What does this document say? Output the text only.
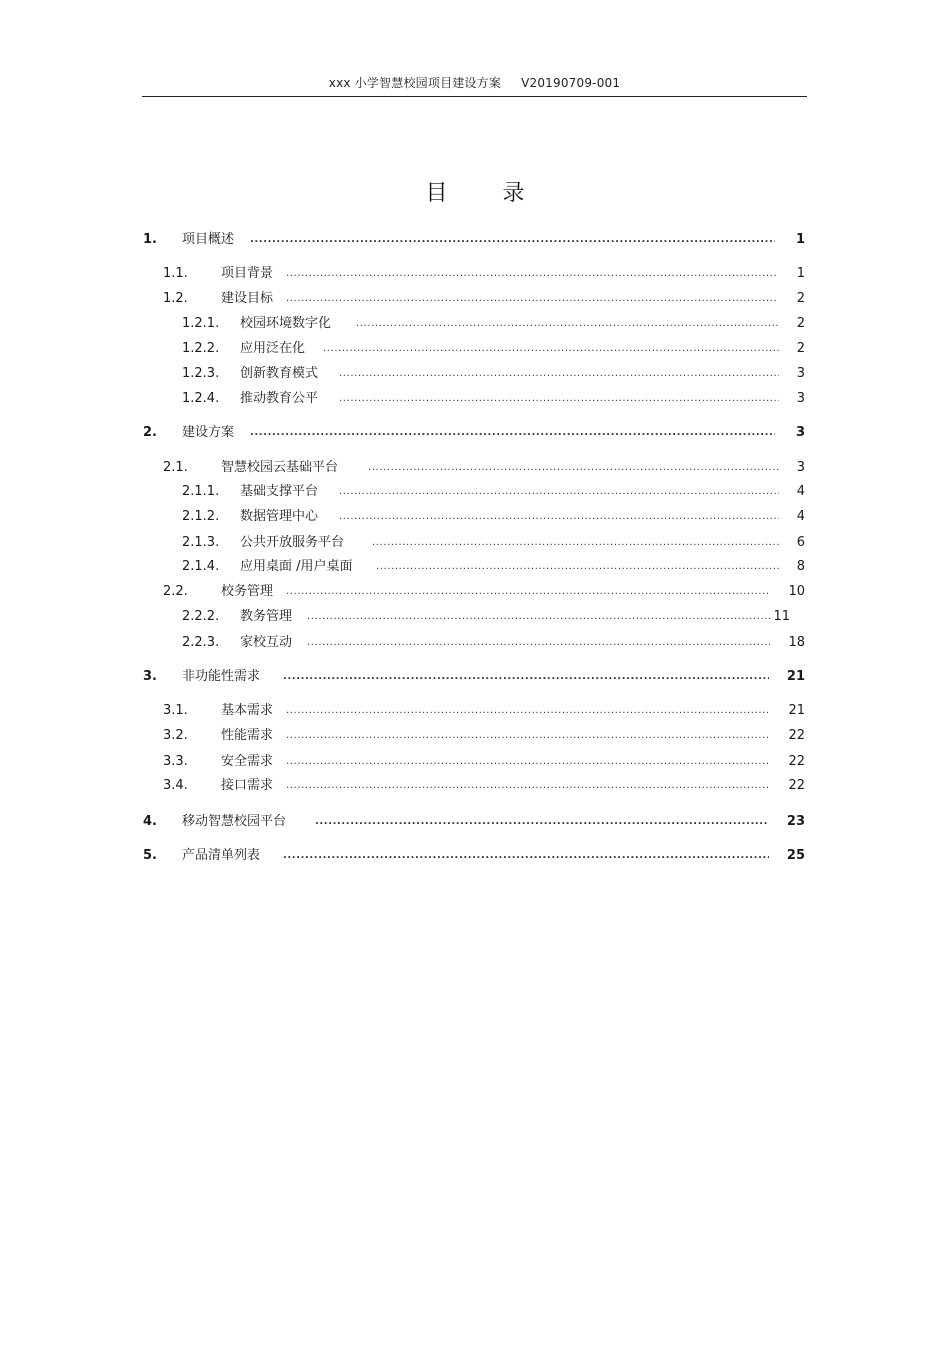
xxx 小学智慧校园项目建设方案 V20190709-001
目 录
1. 项目概述 .....	1
1.1.	项目背景 .....	1
1.2.	建设目标 .....	2
1.2.1. 校园环境数字化 .....	2
1.2.2. 应用泛在化 .....	2
1.2.3. 创新教育模式 .....	3
1.2.4. 推动教育公平 .....	3
2. 建设方案 .....	3
2.1.	智慧校园云基础平台 .....	3
2.1.1. 基础支撑平台 .....	4
2.1.2. 数据管理中心 .....	4
2.1.3. 公共开放服务平台 .....	6
2.1.4. 应用桌面 /用户桌面 .....	8
2.2.	校务管理 .....	10
2.2.2. 教务管理 .....	11
2.2.3. 家校互动 .....	18
3. 非功能性需求 .....	21
3.1.	基本需求 .....	21
3.2.	性能需求 .....	22
3.3.	安全需求 .....	22
3.4.	接口需求 .....	22
4. 移动智慧校园平台 .....	23
5. 产品清单列表 .....	25
